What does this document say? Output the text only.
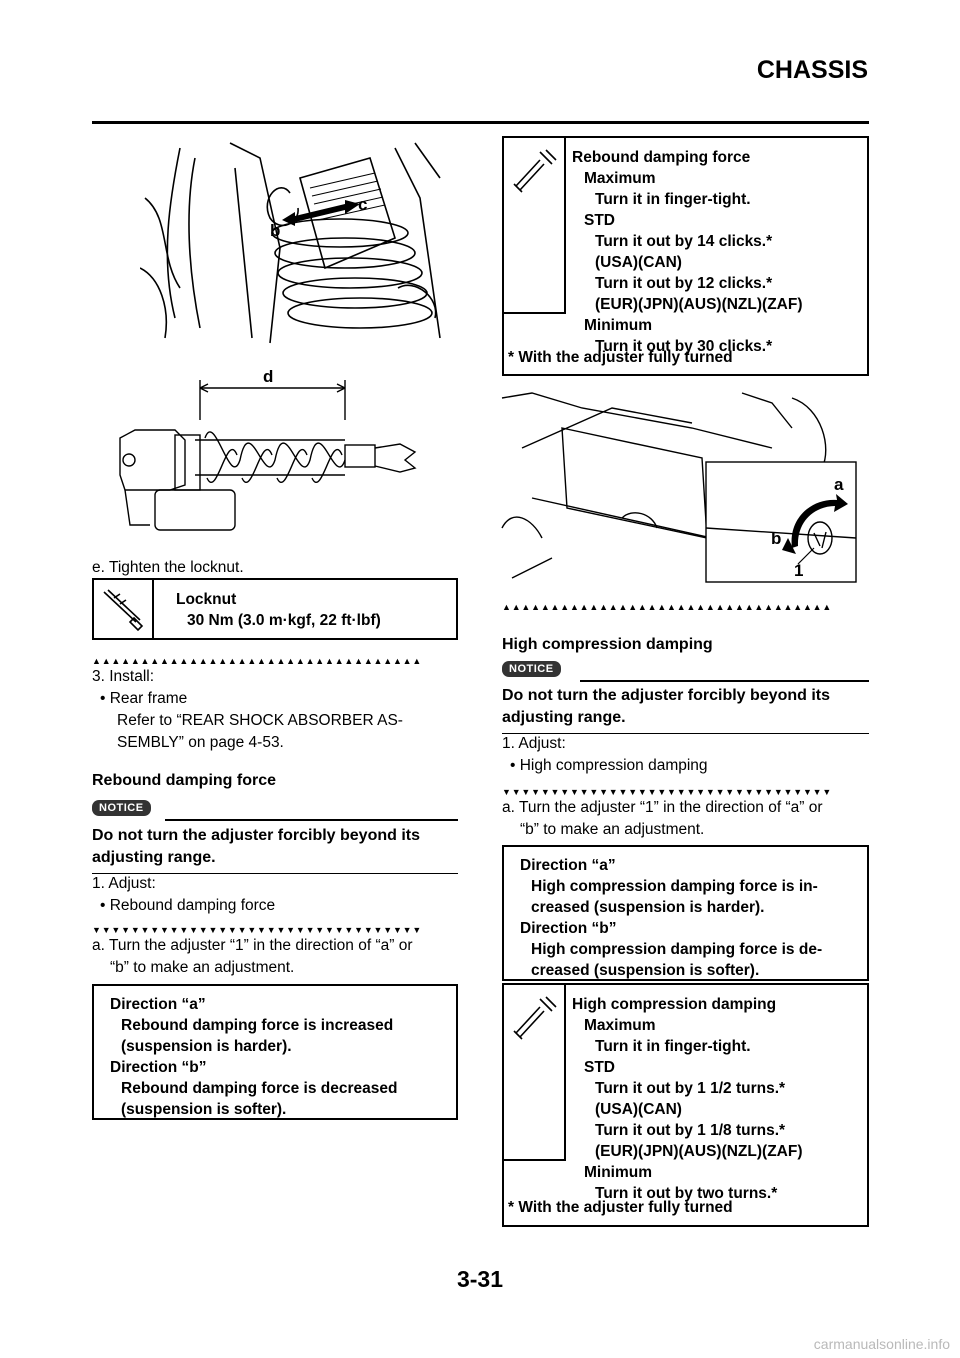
CHASSIS
b
c
d
e. Tighten the locknut.
Locknut
30 Nm (3.0 m·kgf, 22 ft·lbf)
▲▲▲▲▲▲▲▲▲▲▲▲▲▲▲▲▲▲▲▲▲▲▲▲▲▲▲▲▲▲▲▲▲▲
3. Install:
• Rear frame
Refer to “REAR SHOCK ABSORBER AS-
SEMBLY” on page 4-53.
Rebound damping force
NOTICE
Do not turn the adjuster forcibly beyond its
adjusting range.
1. Adjust:
• Rebound damping force
▼▼▼▼▼▼▼▼▼▼▼▼▼▼▼▼▼▼▼▼▼▼▼▼▼▼▼▼▼▼▼▼▼▼
a. Turn the adjuster “1” in the direction of “a” or
“b” to make an adjustment.
Direction “a”
Rebound damping force is increased
(suspension is harder).
Direction “b”
Rebound damping force is decreased
(suspension is softer).
Rebound damping force
Maximum
Turn it in finger-tight.
STD
Turn it out by 14 clicks.*
(USA)(CAN)
Turn it out by 12 clicks.*
(EUR)(JPN)(AUS)(NZL)(ZAF)
Minimum
Turn it out by 30 clicks.*
* With the adjuster fully turned
a
b
1
▲▲▲▲▲▲▲▲▲▲▲▲▲▲▲▲▲▲▲▲▲▲▲▲▲▲▲▲▲▲▲▲▲▲
High compression damping
NOTICE
Do not turn the adjuster forcibly beyond its
adjusting range.
1. Adjust:
• High compression damping
▼▼▼▼▼▼▼▼▼▼▼▼▼▼▼▼▼▼▼▼▼▼▼▼▼▼▼▼▼▼▼▼▼▼
a. Turn the adjuster “1” in the direction of “a” or
“b” to make an adjustment.
Direction “a”
High compression damping force is in-
creased (suspension is harder).
Direction “b”
High compression damping force is de-
creased (suspension is softer).
High compression damping
Maximum
Turn it in finger-tight.
STD
Turn it out by 1 1/2 turns.*
(USA)(CAN)
Turn it out by 1 1/8 turns.*
(EUR)(JPN)(AUS)(NZL)(ZAF)
Minimum
Turn it out by two turns.*
* With the adjuster fully turned
3-31
carmanualsonline.info
